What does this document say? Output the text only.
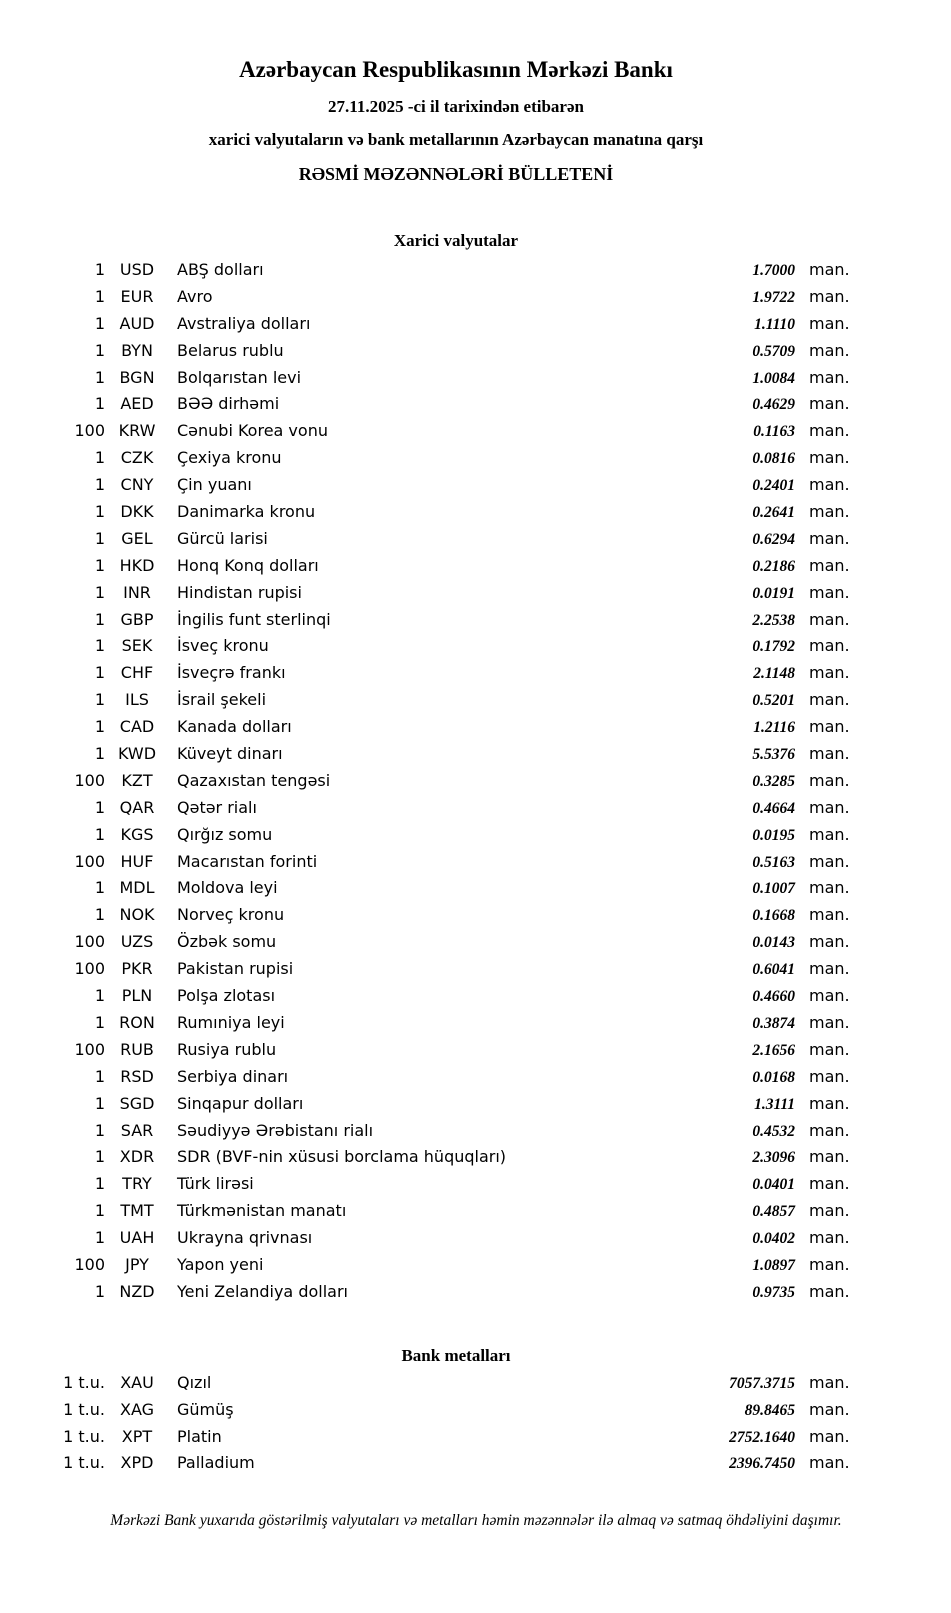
Azərbaycan Respublikasının Mərkəzi Bankı
27.11.2025 -ci il tarixindən etibarən
xarici valyutaların və bank metallarının Azərbaycan manatına qarşı
RƏSMİ MƏZƏNNƏLƏRİ BÜLLETENİ
Xarici valyutalar
1 USD	ABŞ dolları	1.7000 man.
1 EUR	Avro	1.9722 man.
1 AUD	Avstraliya dolları	1.1110 man.
1	BYN	Belarus rublu	0.5709 man.
1 BGN	Bolqarıstan levi	1.0084 man.
1 AED	BƏƏ dirhəmi	0.4629 man.
100 KRW	Cənubi Korea vonu	0.1163 man.
1 CZK	Çexiya kronu	0.0816 man.
1 CNY	Çin yuanı	0.2401 man.
1 DKK	Danimarka kronu	0.2641 man.
1	GEL	Gürcü larisi	0.6294 man.
1 HKD	Honq Konq dolları	0.2186 man.
1	INR	Hindistan rupisi	0.0191 man.
1 GBP	İngilis funt sterlinqi	2.2538 man.
1	SEK	İsveç kronu	0.1792 man.
1 CHF	İsveçrə frankı	2.1148 man.
1	ILS	İsrail şekeli	0.5201 man.
1 CAD	Kanada dolları	1.2116 man.
1 KWD	Küveyt dinarı	5.5376 man.
100	KZT	Qazaxıstan tengəsi	0.3285 man.
1 QAR	Qətər rialı	0.4664 man.
1 KGS	Qırğız somu	0.0195 man.
100 HUF	Macarıstan forinti	0.5163 man.
1 MDL	Moldova leyi	0.1007 man.
1 NOK	Norveç kronu	0.1668 man.
100 UZS	Özbək somu	0.0143 man.
100	PKR	Pakistan rupisi	0.6041 man.
1	PLN	Polşa zlotası	0.4660 man.
1 RON	Rumıniya leyi	0.3874 man.
100 RUB	Rusiya rublu	2.1656 man.
1 RSD	Serbiya dinarı	0.0168 man.
1 SGD	Sinqapur dolları	1.3111 man.
1 SAR	Səudiyyə Ərəbistanı rialı	0.4532 man.
1 XDR	SDR (BVF-nin xüsusi borclama hüquqları)	2.3096 man.
1	TRY	Türk lirəsi	0.0401 man.
1 TMT	Türkmənistan manatı	0.4857 man.
1 UAH	Ukrayna qrivnası	0.0402 man.
100	JPY	Yapon yeni	1.0897 man.
1 NZD	Yeni Zelandiya dolları	0.9735 man.
Bank metalları
1 t.u. XAU	Qızıl	7057.3715 man.
1 t.u. XAG	Gümüş	89.8465 man.
1 t.u.	XPT	Platin	2752.1640 man.
1 t.u. XPD	Palladium	2396.7450 man.
Mərkəzi Bank yuxarıda göstərilmiş valyutaları və metalları həmin məzənnələr ilə almaq və satmaq öhdəliyini daşımır.
